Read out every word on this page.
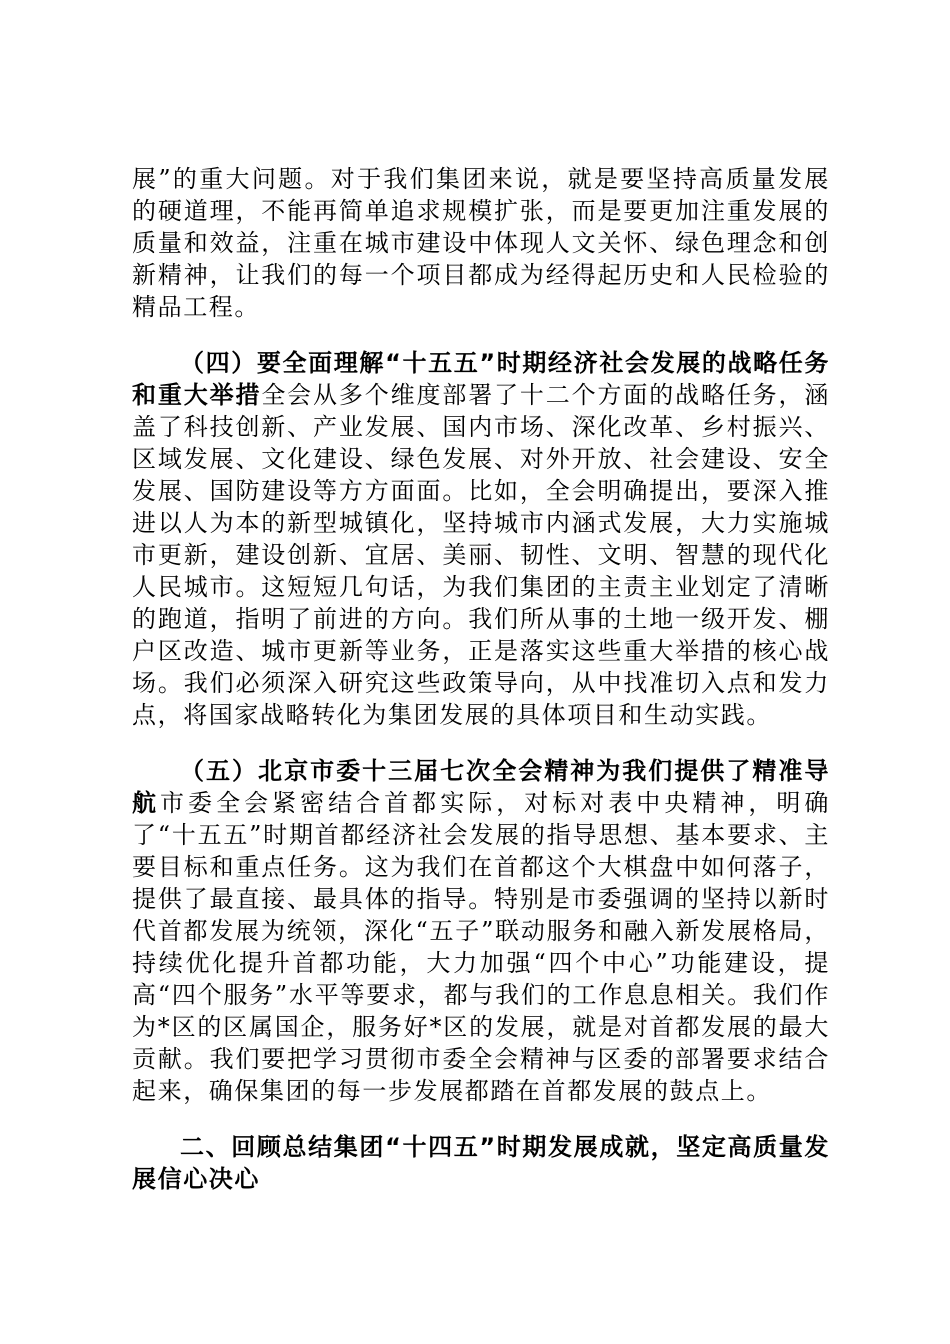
展”的重大问题。对于我们集团来说，就是要坚持高质量发展的硬道理，不能再简单追求规模扩张，而是要更加注重发展的质量和效益，注重在城市建设中体现人文关怀、绿色理念和创新精神，让我们的每一个项目都成为经得起历史和人民检验的精品工程。

（四）要全面理解“十五五”时期经济社会发展的战略任务和重大举措全会从多个维度部署了十二个方面的战略任务，涵盖了科技创新、产业发展、国内市场、深化改革、乡村振兴、区域发展、文化建设、绿色发展、对外开放、社会建设、安全发展、国防建设等方方面面。比如，全会明确提出，要深入推进以人为本的新型城镇化，坚持城市内涵式发展，大力实施城市更新，建设创新、宜居、美丽、韧性、文明、智慧的现代化人民城市。这短短几句话，为我们集团的主责主业划定了清晰的跑道，指明了前进的方向。我们所从事的土地一级开发、棚户区改造、城市更新等业务，正是落实这些重大举措的核心战场。我们必须深入研究这些政策导向，从中找准切入点和发力点，将国家战略转化为集团发展的具体项目和生动实践。

（五）北京市委十三届七次全会精神为我们提供了精准导航市委全会紧密结合首都实际，对标对表中央精神，明确了“十五五”时期首都经济社会发展的指导思想、基本要求、主要目标和重点任务。这为我们在首都这个大棋盘中如何落子，提供了最直接、最具体的指导。特别是市委强调的坚持以新时代首都发展为统领，深化“五子”联动服务和融入新发展格局，持续优化提升首都功能，大力加强“四个中心”功能建设，提高“四个服务”水平等要求，都与我们的工作息息相关。我们作为*区的区属国企，服务好*区的发展，就是对首都发展的最大贡献。我们要把学习贯彻市委全会精神与区委的部署要求结合起来，确保集团的每一步发展都踏在首都发展的鼓点上。

二、回顾总结集团“十四五”时期发展成就，坚定高质量发展信心决心
